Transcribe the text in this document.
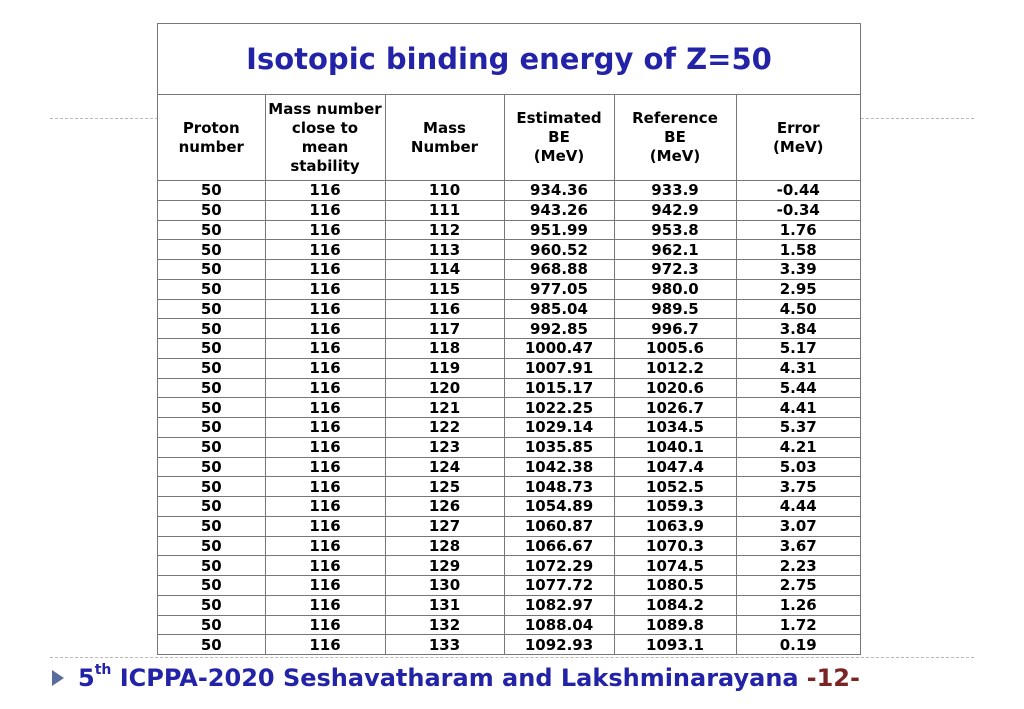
Isotopic binding energy of Z=50
Proton
number	Mass number
close to
mean
stability	Mass
Number	Estimated
BE
(MeV)	Reference
BE
(MeV)	Error
(MeV)
50	116	110	934.36	933.9	-0.44
50	116	111	943.26	942.9	-0.34
50	116	112	951.99	953.8	1.76
50	116	113	960.52	962.1	1.58
50	116	114	968.88	972.3	3.39
50	116	115	977.05	980.0	2.95
50	116	116	985.04	989.5	4.50
50	116	117	992.85	996.7	3.84
50	116	118	1000.47	1005.6	5.17
50	116	119	1007.91	1012.2	4.31
50	116	120	1015.17	1020.6	5.44
50	116	121	1022.25	1026.7	4.41
50	116	122	1029.14	1034.5	5.37
50	116	123	1035.85	1040.1	4.21
50	116	124	1042.38	1047.4	5.03
50	116	125	1048.73	1052.5	3.75
50	116	126	1054.89	1059.3	4.44
50	116	127	1060.87	1063.9	3.07
50	116	128	1066.67	1070.3	3.67
50	116	129	1072.29	1074.5	2.23
50	116	130	1077.72	1080.5	2.75
50	116	131	1082.97	1084.2	1.26
50	116	132	1088.04	1089.8	1.72
50	116	133	1092.93	1093.1	0.19
5th
ICPPA-2020 Seshavatharam and Lakshminarayana -12-
